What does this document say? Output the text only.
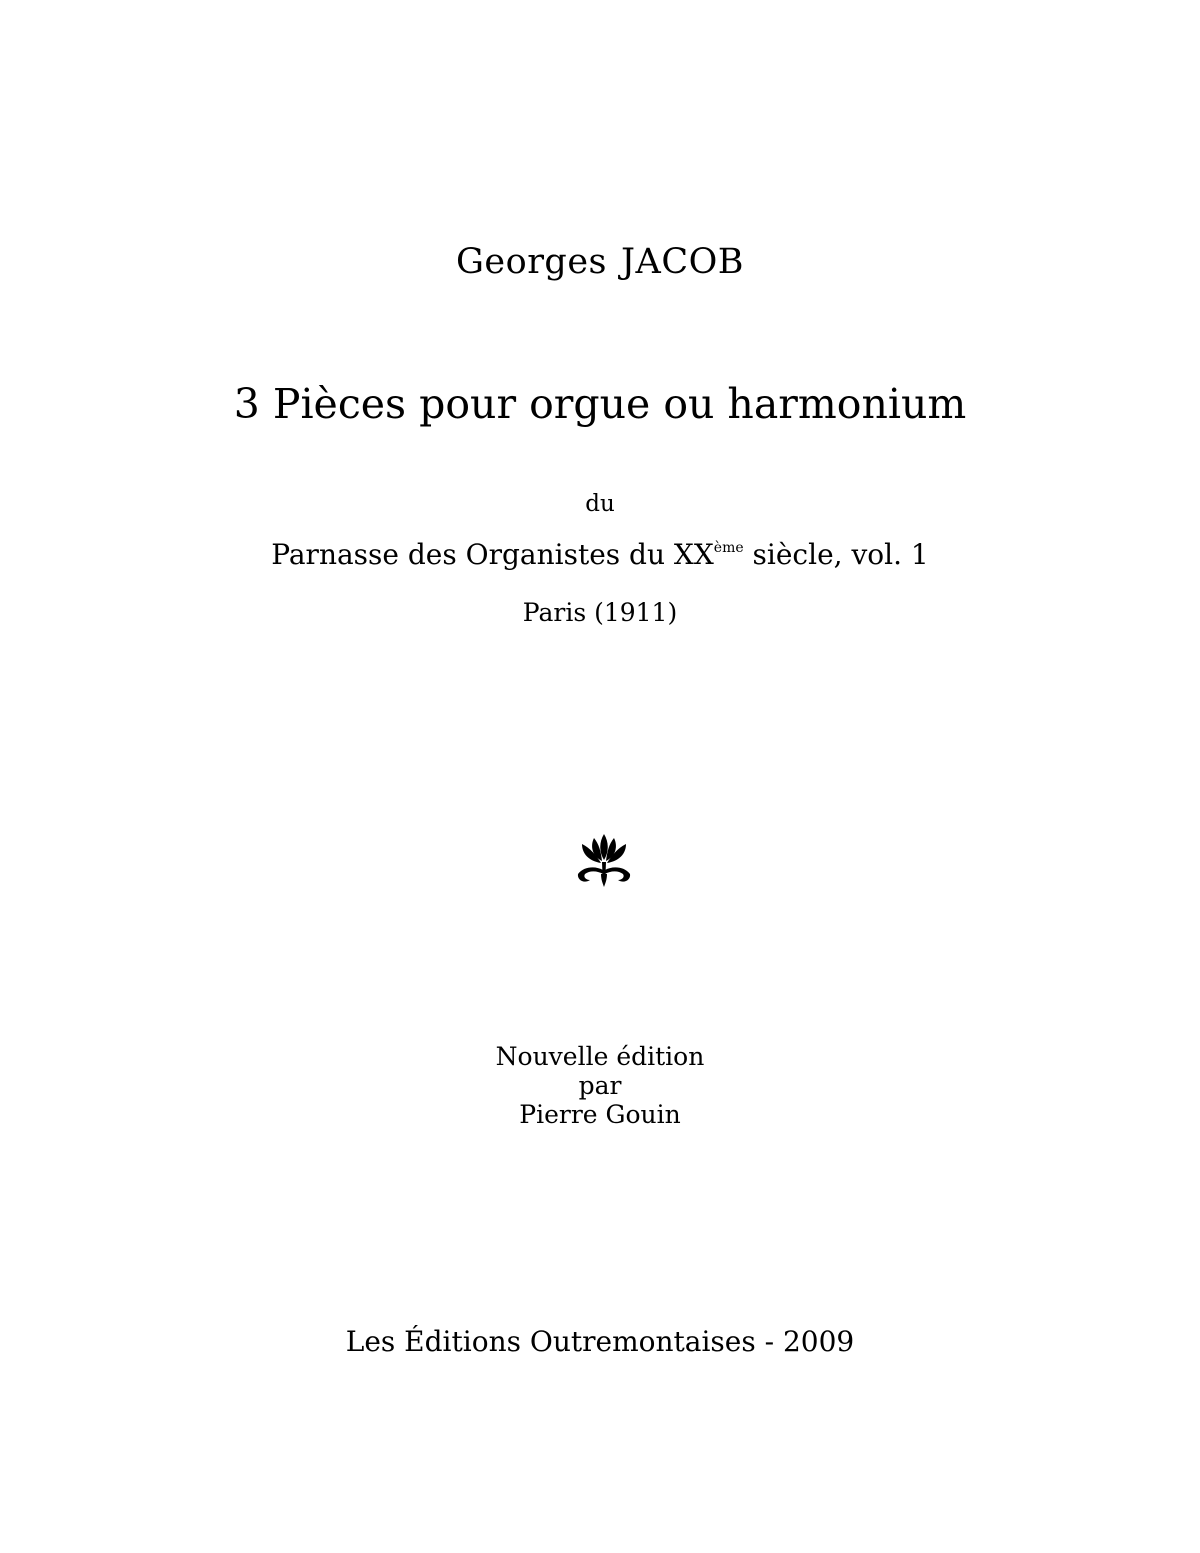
Georges JACOB
3 Pièces pour orgue ou harmonium
du
Parnasse des Organistes du XXème siècle, vol. 1
Paris (1911)
Nouvelle édition
par
Pierre Gouin
Les Éditions Outremontaises - 2009
